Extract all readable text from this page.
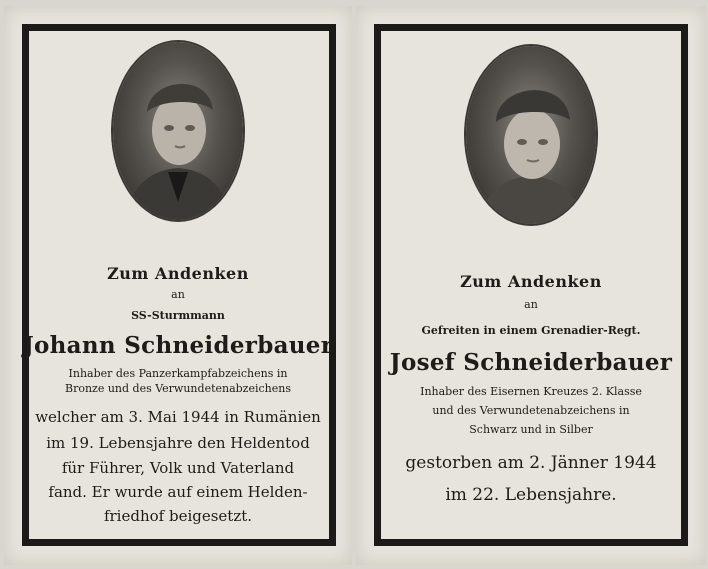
Zum Andenken
an
SS-Sturmmann
Johann Schneiderbauer
Inhaber des Panzerkampfabzeichens in
Bronze und des Verwundetenabzeichens
welcher am 3. Mai 1944 in Rumänien
im 19. Lebensjahre den Heldentod
für Führer, Volk und Vaterland
fand. Er wurde auf einem Helden-
friedhof beigesetzt.
Zum Andenken
an
Gefreiten in einem Grenadier-Regt.
Josef Schneiderbauer
Inhaber des Eisernen Kreuzes 2. Klasse
und des Verwundetenabzeichens in
Schwarz und in Silber
gestorben am 2. Jänner 1944
im 22. Lebensjahre.
